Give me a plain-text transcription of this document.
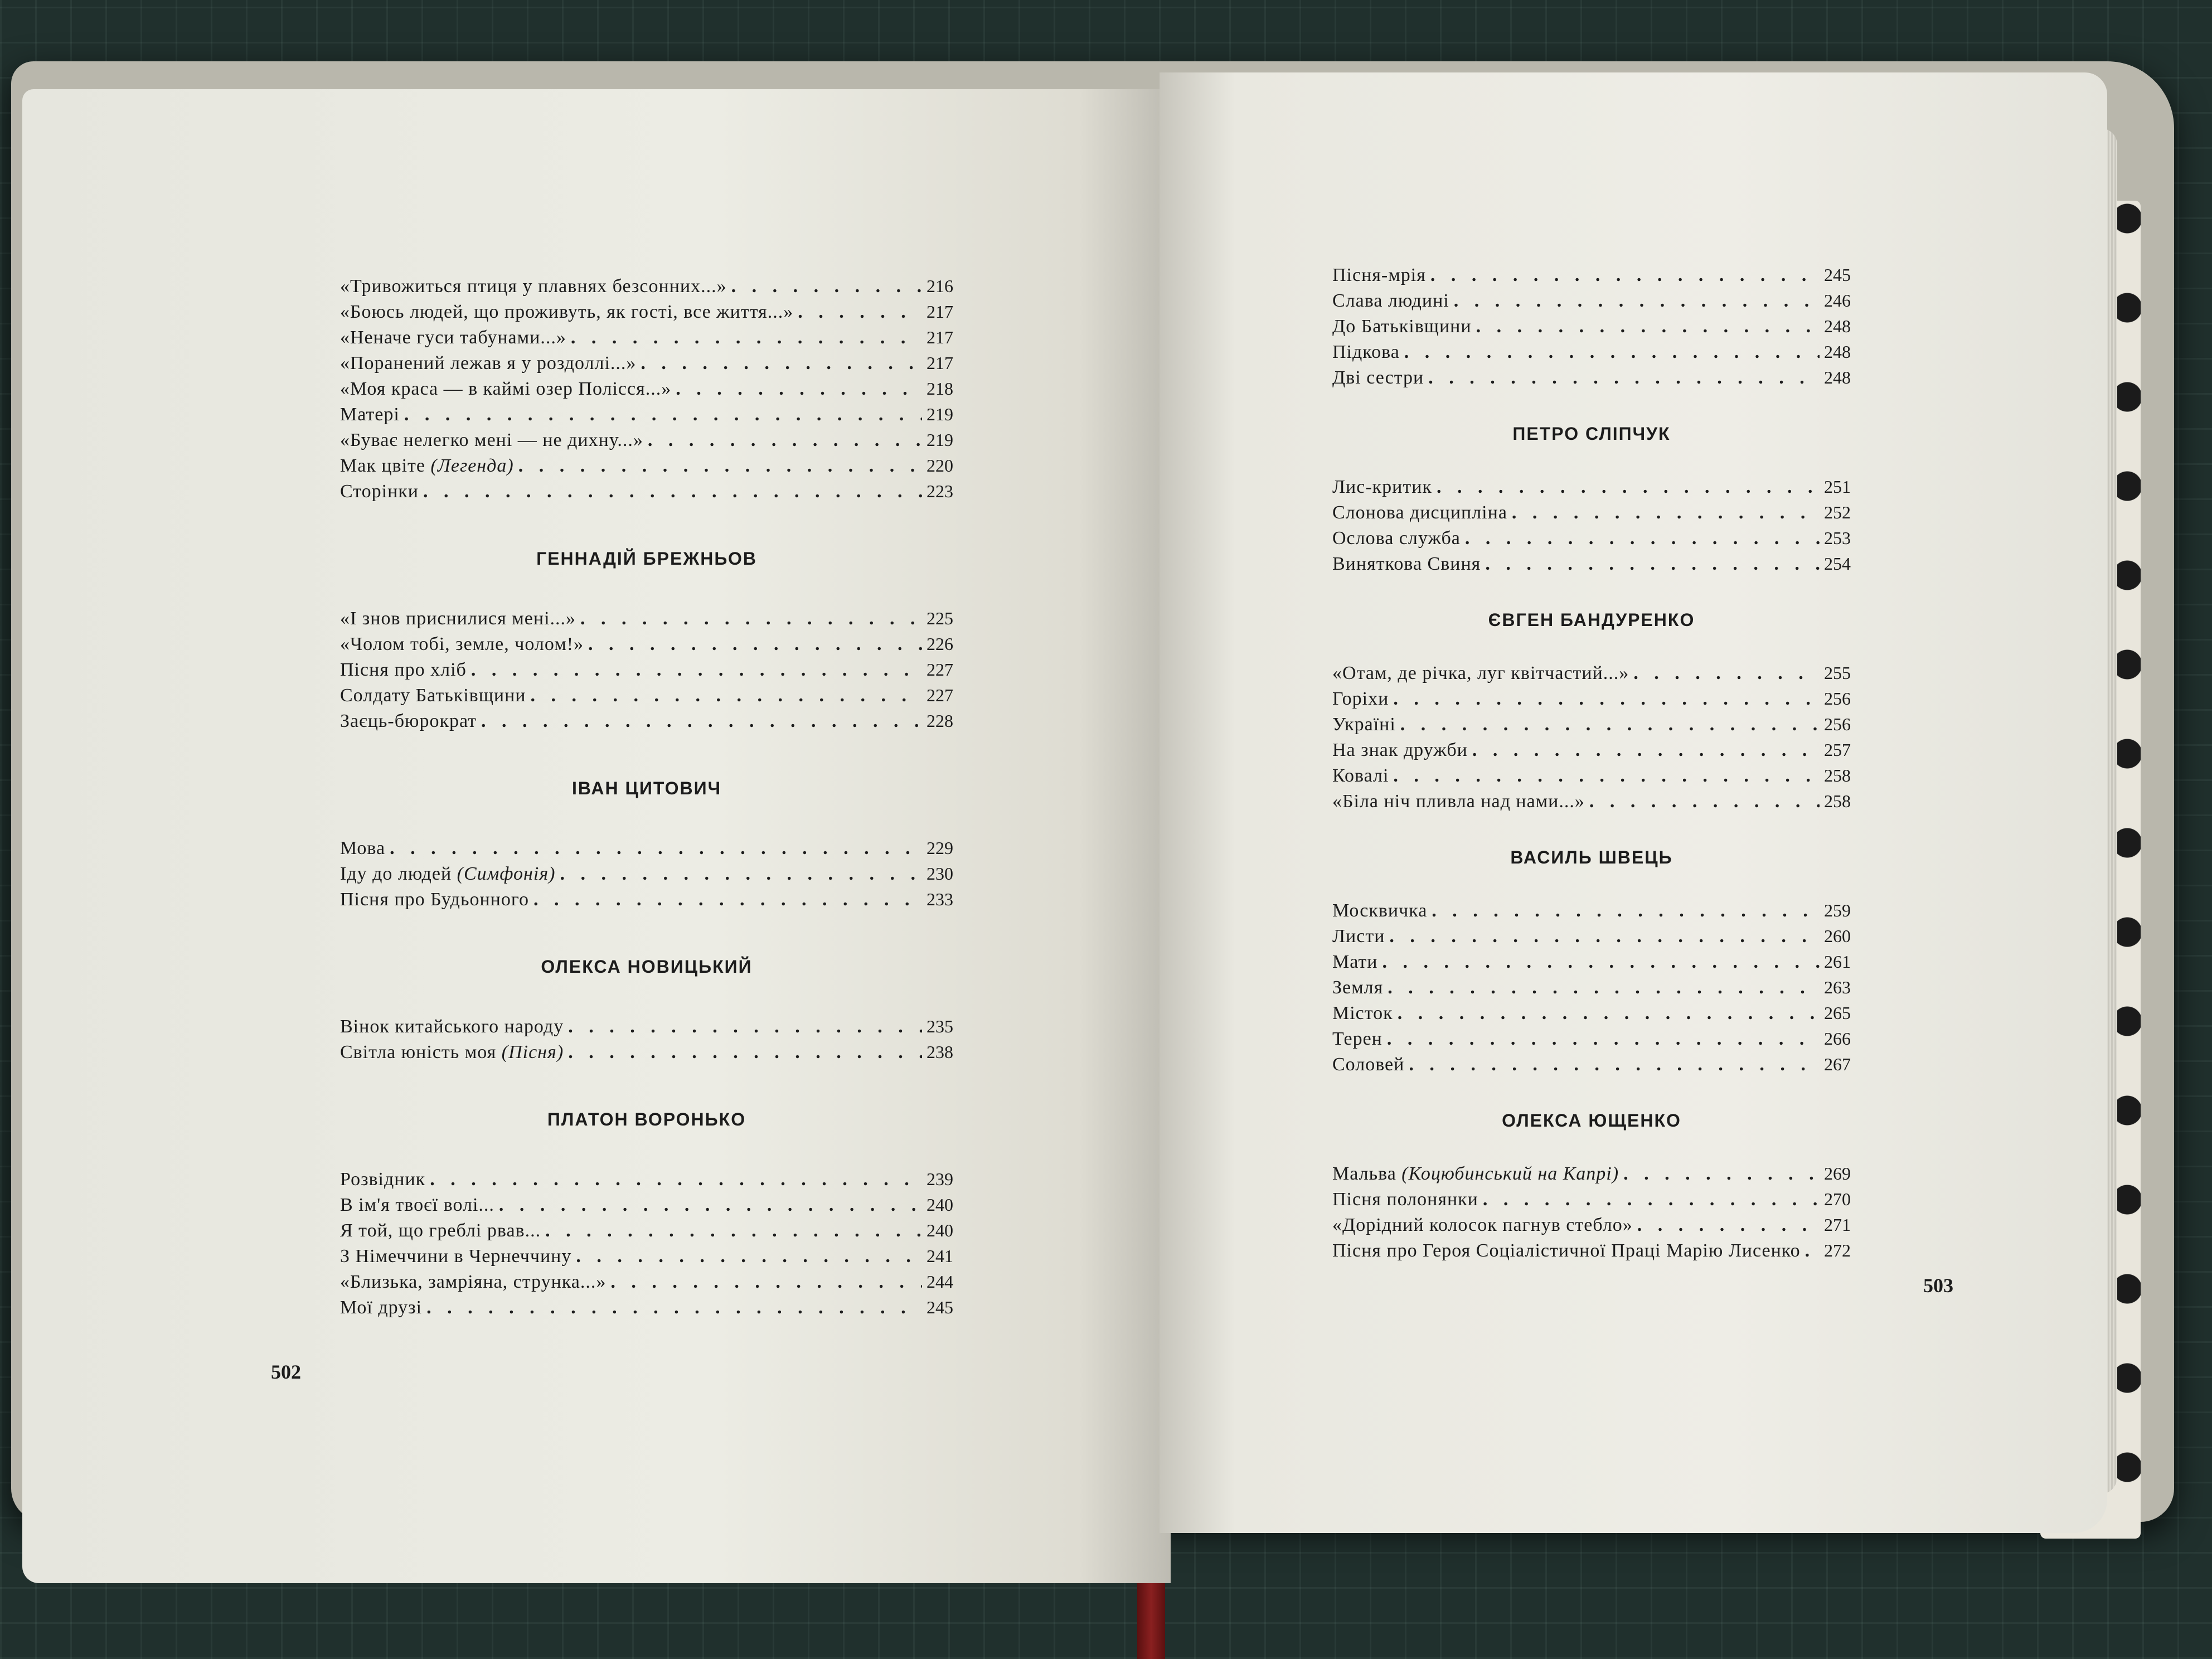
«Тривожиться птиця у плавнях безсонних...» . . .	216
«Боюсь людей, що проживуть, як гості, все життя...» . . .	217
«Неначе гуси табунами...» . . .	217
«Поранений лежав я у роздоллі...» . . .	217
«Моя краса — в каймі озер Полісся...» . . .	218
Матері . . .	219
«Буває нелегко мені — не дихну...» . . .	219
Мак цвіте (Легенда) . . .	220
Сторінки . . .	223
ГЕННАДІЙ БРЕЖНЬОВ
«І знов приснилися мені...» . . .	225
«Чолом тобі, земле, чолом!» . . .	226
Пісня про хліб . . .	227
Солдату Батьківщини . . .	227
Заєць-бюрократ . . .	228
ІВАН ЦИТОВИЧ
Мова . . .	229
Іду до людей (Симфонія) . . .	230
Пісня про Будьонного . . .	233
ОЛЕКСА НОВИЦЬКИЙ
Вінок китайського народу . . .	235
Світла юність моя (Пісня) . . .	238
ПЛАТОН ВОРОНЬКО
Розвідник . . .	239
В ім'я твоєї волі... . . .	240
Я той, що греблі рвав... . . .	240
З Німеччини в Чернеччину . . .	241
«Близька, замріяна, струнка...» . . .	244
Мої друзі . . .	245
Пісня-мрія . . .	245
Слава людині . . .	246
До Батьківщини . . .	248
Підкова . . .	248
Дві сестри . . .	248
ПЕТРО СЛІПЧУК
Лис-критик . . .	251
Слонова дисципліна . . .	252
Ослова служба . . .	253
Виняткова Свиня . . .	254
ЄВГЕН БАНДУРЕНКО
«Отам, де річка, луг квітчастий...» . . .	255
Горіхи . . .	256
Україні . . .	256
На знак дружби . . .	257
Ковалі . . .	258
«Біла ніч пливла над нами...» . . .	258
ВАСИЛЬ ШВЕЦЬ
Москвичка . . .	259
Листи . . .	260
Мати . . .	261
Земля . . .	263
Місток . . .	265
Терен . . .	266
Соловей . . .	267
ОЛЕКСА ЮЩЕНКО
Мальва (Коцюбинський на Капрі) . . .	269
Пісня полонянки . . .	270
«Дорідний колосок пагнув стебло» . . .	271
Пісня про Героя Соціалістичної Праці Марію Лисенко . . . 272
502
503
